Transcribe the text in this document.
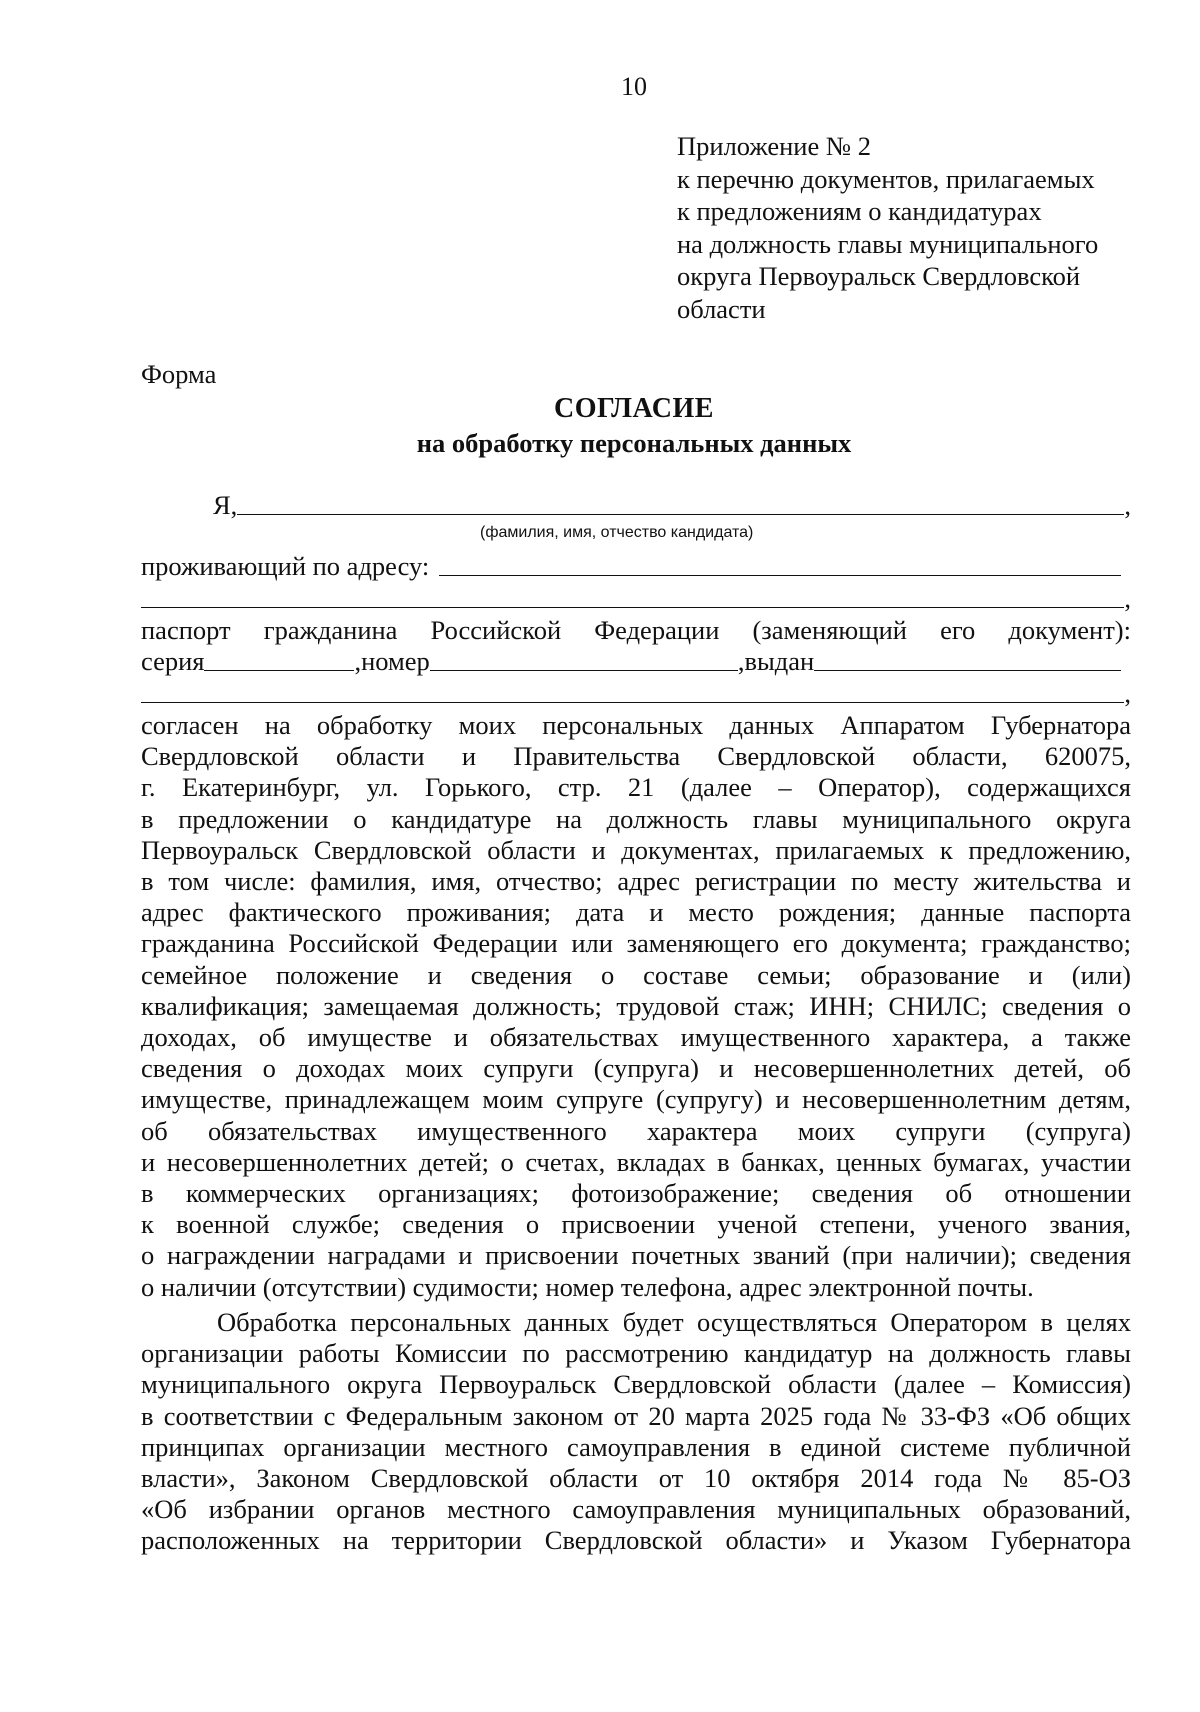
10
Приложение № 2
к перечню документов, прилагаемых
к предложениям о кандидатурах
на должность главы муниципального
округа Первоуральск Свердловской
области
Форма
СОГЛАСИЕ
на обработку персональных данных
Я,	,
(фамилия, имя, отчество кандидата)
проживающий по адресу:
,
паспорт гражданина Российской Федерации (заменяющий его документ):
серия	,номер	,выдан
,
согласен на обработку моих персональных данных Аппаратом Губернатора
Свердловской области и Правительства Свердловской области, 620075,
г. Екатеринбург, ул. Горького, стр. 21 (далее – Оператор), содержащихся
в предложении о кандидатуре на должность главы муниципального округа
Первоуральск Свердловской области и документах, прилагаемых к предложению,
в том числе: фамилия, имя, отчество; адрес регистрации по месту жительства и
адрес фактического проживания; дата и место рождения; данные паспорта
гражданина Российской Федерации или заменяющего его документа; гражданство;
семейное положение и сведения о составе семьи; образование и (или)
квалификация; замещаемая должность; трудовой стаж; ИНН; СНИЛС; сведения о
доходах, об имуществе и обязательствах имущественного характера, а также
сведения о доходах моих супруги (супруга) и несовершеннолетних детей, об
имуществе, принадлежащем моим супруге (супругу) и несовершеннолетним детям,
об обязательствах имущественного характера моих супруги (супруга)
и несовершеннолетних детей; о счетах, вкладах в банках, ценных бумагах, участии
в коммерческих организациях; фотоизображение; сведения об отношении
к военной службе; сведения о присвоении ученой степени, ученого звания,
о награждении наградами и присвоении почетных званий (при наличии); сведения
о наличии (отсутствии) судимости; номер телефона, адрес электронной почты.
Обработка персональных данных будет осуществляться Оператором в целях
организации работы Комиссии по рассмотрению кандидатур на должность главы
муниципального округа Первоуральск Свердловской области (далее – Комиссия)
в соответствии с Федеральным законом от 20 марта 2025 года № 33-ФЗ «Об общих
принципах организации местного самоуправления в единой системе публичной
власти», Законом Свердловской области от 10 октября 2014 года № 85-ОЗ
«Об избрании органов местного самоуправления муниципальных образований,
расположенных на территории Свердловской области» и Указом Губернатора
